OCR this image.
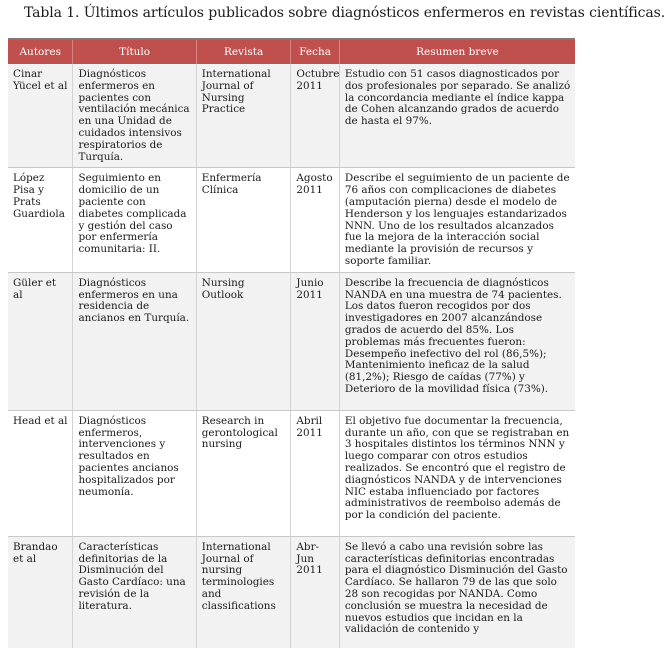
Tabla 1. Últimos artículos publicados sobre diagnósticos enfermeros en revistas científicas.
Autores	Título	Revista	Fecha	Resumen breve
Cinar Yücel et al	Diagnósticos enfermeros en pacientes con ventilación mecánica en una Unidad de cuidados intensivos respiratorios de Turquía.	International Journal of Nursing Practice	Octubre 2011	Estudio con 51 casos diagnosticados por dos profesionales por separado. Se analizó la concordancia mediante el índice kappa de Cohen alcanzando grados de acuerdo de hasta el 97%.
López Pisa y Prats Guardiola	Seguimiento en domicilio de un paciente con diabetes complicada y gestión del caso por enfermería comunitaria: II.	Enfermería Clínica	Agosto 2011	Describe el seguimiento de un paciente de 76 años con complicaciones de diabetes (amputación pierna) desde el modelo de Henderson y los lenguajes estandarizados NNN. Uno de los resultados alcanzados fue la mejora de la interacción social mediante la provisión de recursos y soporte familiar.
Güler et al	Diagnósticos enfermeros en una residencia de ancianos en Turquía.	Nursing Outlook	Junio 2011	Describe la frecuencia de diagnósticos NANDA en una muestra de 74 pacientes. Los datos fueron recogidos por dos investigadores en 2007 alcanzándose grados de acuerdo del 85%. Los problemas más frecuentes fueron: Desempeño inefectivo del rol (86,5%); Mantenimiento ineficaz de la salud (81,2%); Riesgo de caídas (77%) y Deterioro de la movilidad física (73%).
Head et al	Diagnósticos enfermeros, intervenciones y resultados en pacientes ancianos hospitalizados por neumonía.	Research in gerontological nursing	Abril 2011	El objetivo fue documentar la frecuencia, durante un año, con que se registraban en 3 hospitales distintos los términos NNN y luego comparar con otros estudios realizados. Se encontró que el registro de diagnósticos NANDA y de intervenciones NIC estaba influenciado por factores administrativos de reembolso además de por la condición del paciente.
Brandao et al	Características definitorias de la Disminución del Gasto Cardíaco: una revisión de la literatura.	International Journal of nursing terminologies and classifications	Abr-Jun 2011	Se llevó a cabo una revisión sobre las características definitorias encontradas para el diagnóstico Disminución del Gasto Cardíaco. Se hallaron 79 de las que solo 28 son recogidas por NANDA. Como conclusión se muestra la necesidad de nuevos estudios que incidan en la validación de contenido y
